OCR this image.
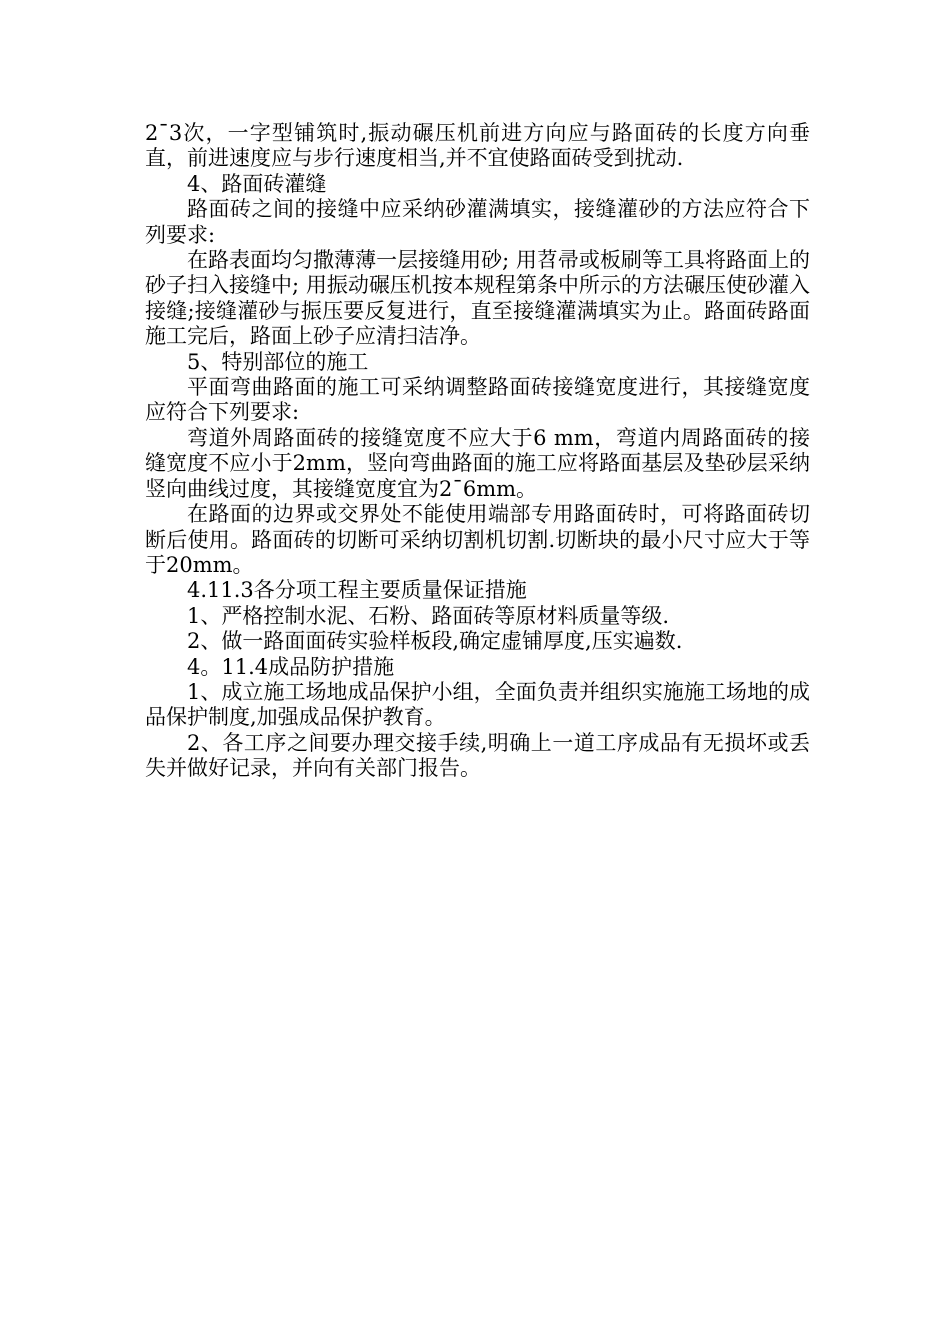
2¯3次，一字型铺筑时,振动碾压机前进方向应与路面砖的长度方向垂直，前进速度应与步行速度相当,并不宜使路面砖受到扰动.

4、路面砖灌缝

路面砖之间的接缝中应采纳砂灌满填实，接缝灌砂的方法应符合下列要求:

在路表面均匀撒薄薄一层接缝用砂; 用苕帚或板刷等工具将路面上的砂子扫入接缝中; 用振动碾压机按本规程第条中所示的方法碾压使砂灌入接缝;接缝灌砂与振压要反复进行，直至接缝灌满填实为止。路面砖路面施工完后，路面上砂子应清扫洁净。

5、特别部位的施工

平面弯曲路面的施工可采纳调整路面砖接缝宽度进行，其接缝宽度应符合下列要求:

弯道外周路面砖的接缝宽度不应大于6 mm，弯道内周路面砖的接缝宽度不应小于2mm，竖向弯曲路面的施工应将路面基层及垫砂层采纳竖向曲线过度，其接缝宽度宜为2¯6mm。

在路面的边界或交界处不能使用端部专用路面砖时，可将路面砖切断后使用。路面砖的切断可采纳切割机切割.切断块的最小尺寸应大于等于20mm。

4.11.3各分项工程主要质量保证措施

1、严格控制水泥、石粉、路面砖等原材料质量等级.

2、做一路面面砖实验样板段,确定虚铺厚度,压实遍数.

4。11.4成品防护措施

1、成立施工场地成品保护小组，全面负责并组织实施施工场地的成品保护制度,加强成品保护教育。

2、各工序之间要办理交接手续,明确上一道工序成品有无损坏或丢失并做好记录，并向有关部门报告。
